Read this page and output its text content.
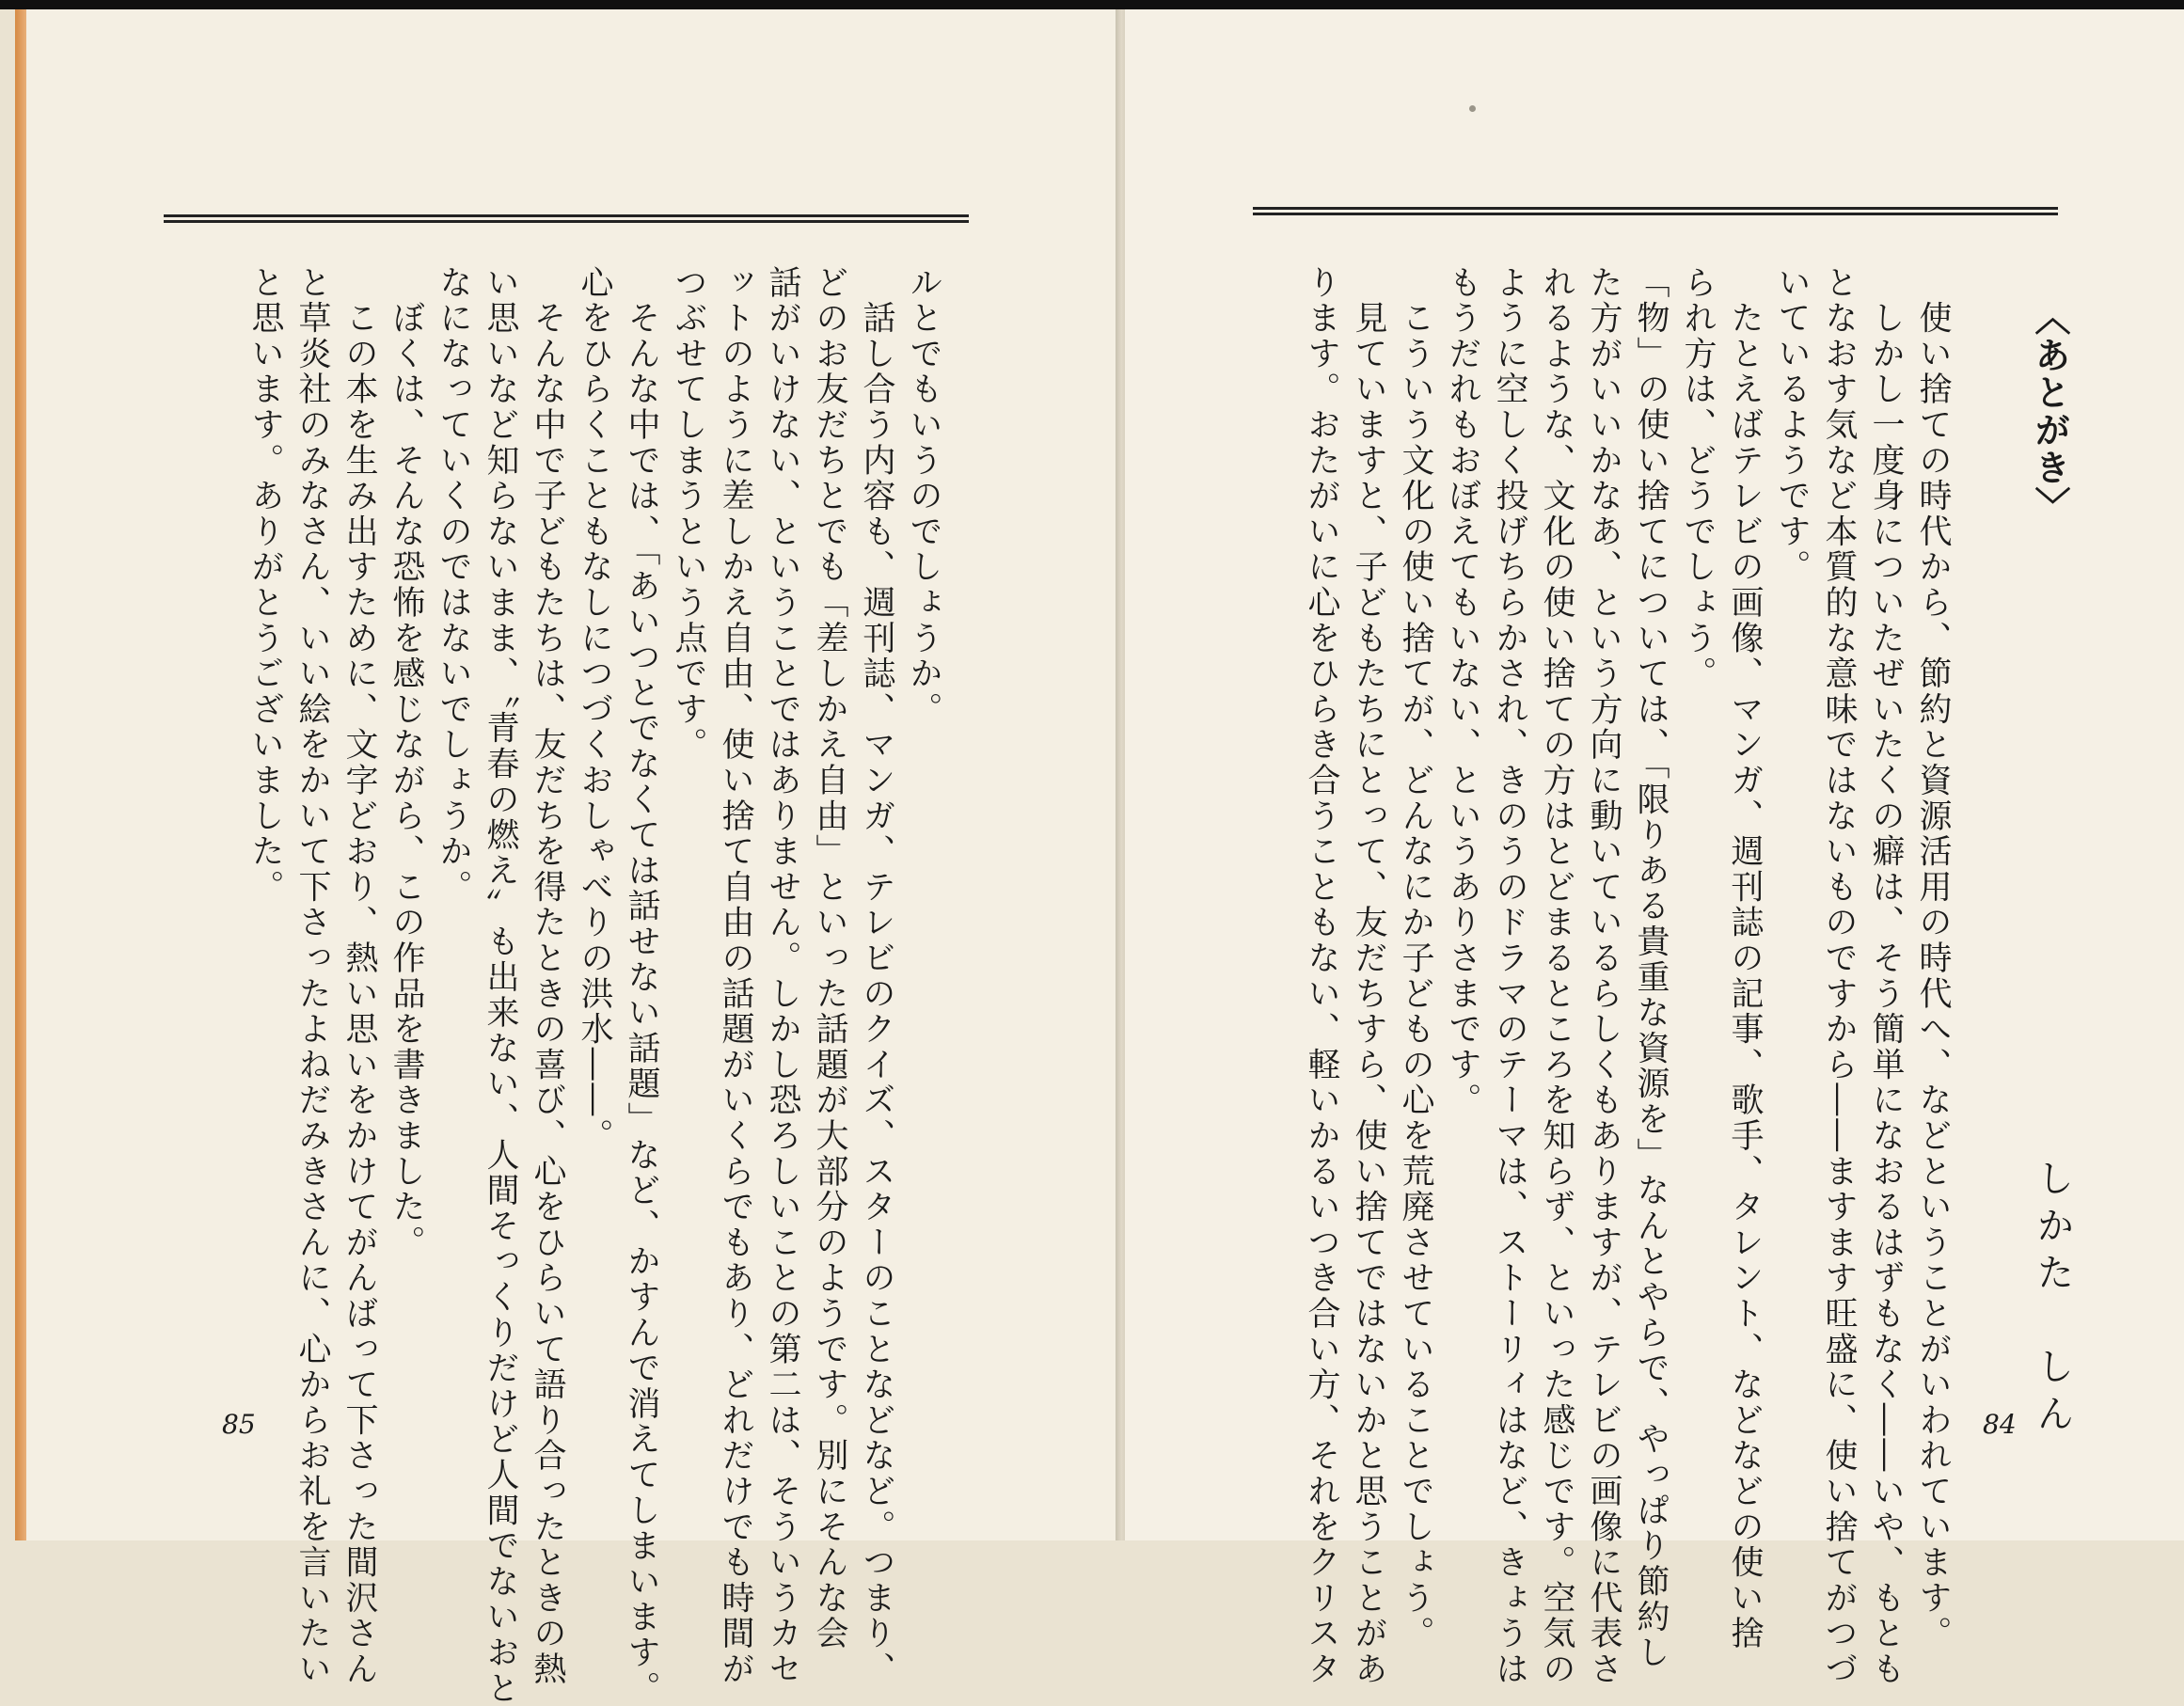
〈あとがき〉
　使い捨ての時代から、節約と資源活用の時代へ、などということがいわれています。
　しかし一度身についたぜいたくの癖は、そう簡単になおるはずもなく――いや、もとも
となおす気など本質的な意味ではないものですから――ますます旺盛に、使い捨てがつづ
いているようです。
　たとえばテレビの画像、マンガ、週刊誌の記事、歌手、タレント、などなどの使い捨
られ方は、どうでしょう。
「物」の使い捨てについては、「限りある貴重な資源を」なんとやらで、やっぱり節約し
た方がいいかなあ、という方向に動いているらしくもありますが、テレビの画像に代表さ
れるような、文化の使い捨ての方はとどまるところを知らず、といった感じです。空気の
ように空しく投げちらかされ、きのうのドラマのテーマは、ストーリィはなど、きょうは
もうだれもおぼえてもいない、というありさまです。
　こういう文化の使い捨てが、どんなにか子どもの心を荒廃させていることでしょう。
　見ていますと、子どもたちにとって、友だちすら、使い捨てではないかと思うことがあ
ります。おたがいに心をひらき合うこともない、軽いかるいつき合い方、それをクリスタ	しかた　しん
ルとでもいうのでしょうか。
　話し合う内容も、週刊誌、マンガ、テレビのクイズ、スターのことなどなど。つまり、
どのお友だちとでも「差しかえ自由」といった話題が大部分のようです。別にそんな会
話がいけない、ということではありません。しかし恐ろしいことの第二は、そういうカセ
ットのように差しかえ自由、使い捨て自由の話題がいくらでもあり、どれだけでも時間が
つぶせてしまうという点です。
　そんな中では、「あいつとでなくては話せない話題」など、かすんで消えてしまいます。
心をひらくこともなしにつづくおしゃべりの洪水――。
　そんな中で子どもたちは、友だちを得たときの喜び、心をひらいて語り合ったときの熱
い思いなど知らないまま、〝青春の燃え〟も出来ない、人間そっくりだけど人間でないおと
なになっていくのではないでしょうか。
　ぼくは、そんな恐怖を感じながら、この作品を書きました。
　この本を生み出すために、文字どおり、熱い思いをかけてがんばって下さった間沢さん
と草炎社のみなさん、いい絵をかいて下さったよねだみきさんに、心からお礼を言いたい
と思います。ありがとうございました。
85	84
